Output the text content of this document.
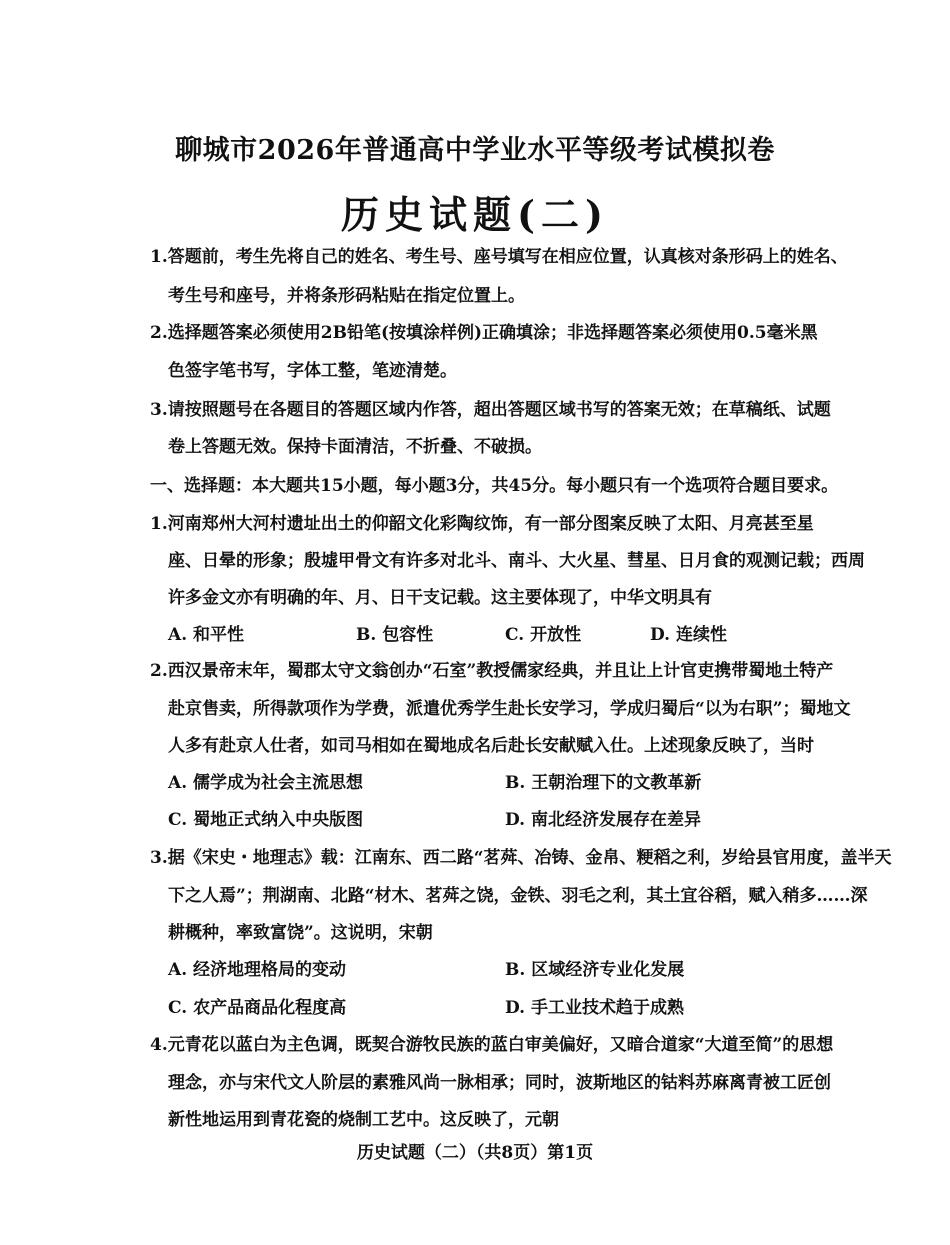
聊城市2026年普通高中学业水平等级考试模拟卷
历史试题(二)
1.答题前，考生先将自己的姓名、考生号、座号填写在相应位置，认真核对条形码上的姓名、
考生号和座号，并将条形码粘贴在指定位置上。
2.选择题答案必须使用2B铅笔(按填涂样例)正确填涂；非选择题答案必须使用0.5毫米黑
色签字笔书写，字体工整，笔迹清楚。
3.请按照题号在各题目的答题区域内作答，超出答题区域书写的答案无效；在草稿纸、试题
卷上答题无效。保持卡面清洁，不折叠、不破损。
一、选择题：本大题共15小题，每小题3分，共45分。每小题只有一个选项符合题目要求。
1.河南郑州大河村遗址出土的仰韶文化彩陶纹饰，有一部分图案反映了太阳、月亮甚至星
座、日晕的形象；殷墟甲骨文有许多对北斗、南斗、大火星、彗星、日月食的观测记载；西周
许多金文亦有明确的年、月、日干支记载。这主要体现了，中华文明具有
A. 和平性	B. 包容性	C. 开放性	D. 连续性
2.西汉景帝末年，蜀郡太守文翁创办“石室”教授儒家经典，并且让上计官吏携带蜀地土特产
赴京售卖，所得款项作为学费，派遣优秀学生赴长安学习，学成归蜀后“以为右职”；蜀地文
人多有赴京人仕者，如司马相如在蜀地成名后赴长安献赋入仕。上述现象反映了，当时
A. 儒学成为社会主流思想	B. 王朝治理下的文教革新
C. 蜀地正式纳入中央版图	D. 南北经济发展存在差异
3.据《宋史・地理志》载：江南东、西二路“茗荈、冶铸、金帛、粳稻之利，岁给县官用度，盖半天
下之人焉”；荆湖南、北路“材木、茗荈之饶，金铁、羽毛之利，其土宜谷稻，赋入稍多……深
耕概种，率致富饶”。这说明，宋朝
A. 经济地理格局的变动	B. 区域经济专业化发展
C. 农产品商品化程度高	D. 手工业技术趋于成熟
4.元青花以蓝白为主色调，既契合游牧民族的蓝白审美偏好，又暗合道家“大道至简”的思想
理念，亦与宋代文人阶层的素雅风尚一脉相承；同时，波斯地区的钴料苏麻离青被工匠创
新性地运用到青花瓷的烧制工艺中。这反映了，元朝
历史试题（二）（共8页）第1页
